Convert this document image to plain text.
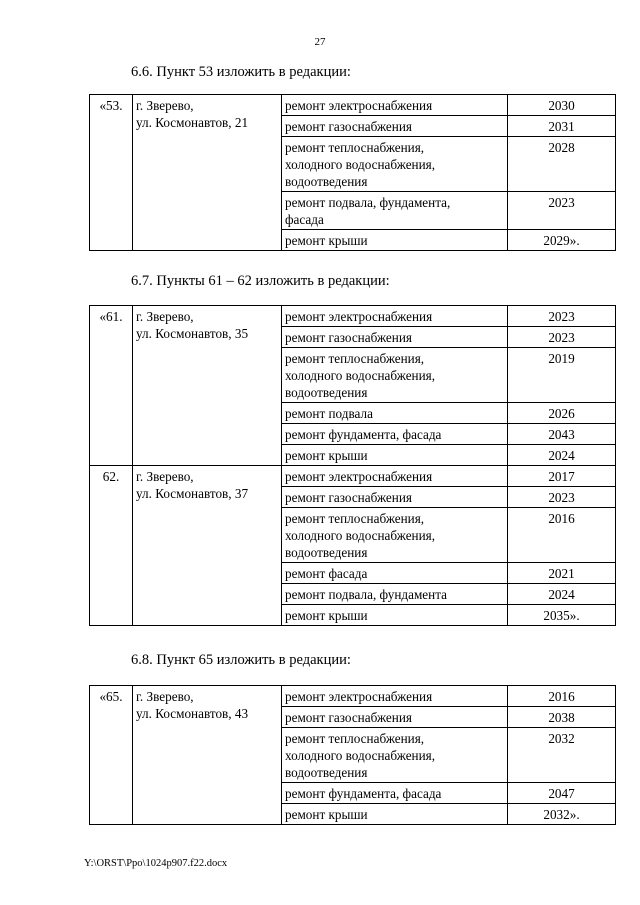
27
6.6. Пункт 53 изложить в редакции:
«53.	г. Зверево,
ул. Космонавтов, 21	ремонт электроснабжения	2030

		ремонт газоснабжения	2031

		ремонт теплоснабжения,
холодного водоснабжения,
водоотведения	2028

		ремонт подвала, фундамента,
фасада	2023

		ремонт крыши	2029».
6.7. Пункты 61 – 62 изложить в редакции:
«61.	г. Зверево,
ул. Космонавтов, 35	ремонт электроснабжения	2023

		ремонт газоснабжения	2023

		ремонт теплоснабжения,
холодного водоснабжения,
водоотведения	2019

		ремонт подвала	2026

		ремонт фундамента, фасада	2043

		ремонт крыши	2024
62.	г. Зверево,
ул. Космонавтов, 37	ремонт электроснабжения	2017

		ремонт газоснабжения	2023

		ремонт теплоснабжения,
холодного водоснабжения,
водоотведения	2016

		ремонт фасада	2021

		ремонт подвала, фундамента	2024

		ремонт крыши	2035».
6.8. Пункт 65 изложить в редакции:
«65.	г. Зверево,
ул. Космонавтов, 43	ремонт электроснабжения	2016

		ремонт газоснабжения	2038

		ремонт теплоснабжения,
холодного водоснабжения,
водоотведения	2032

		ремонт фундамента, фасада	2047

		ремонт крыши	2032».
Y:\ORST\Ppo\1024p907.f22.docx
